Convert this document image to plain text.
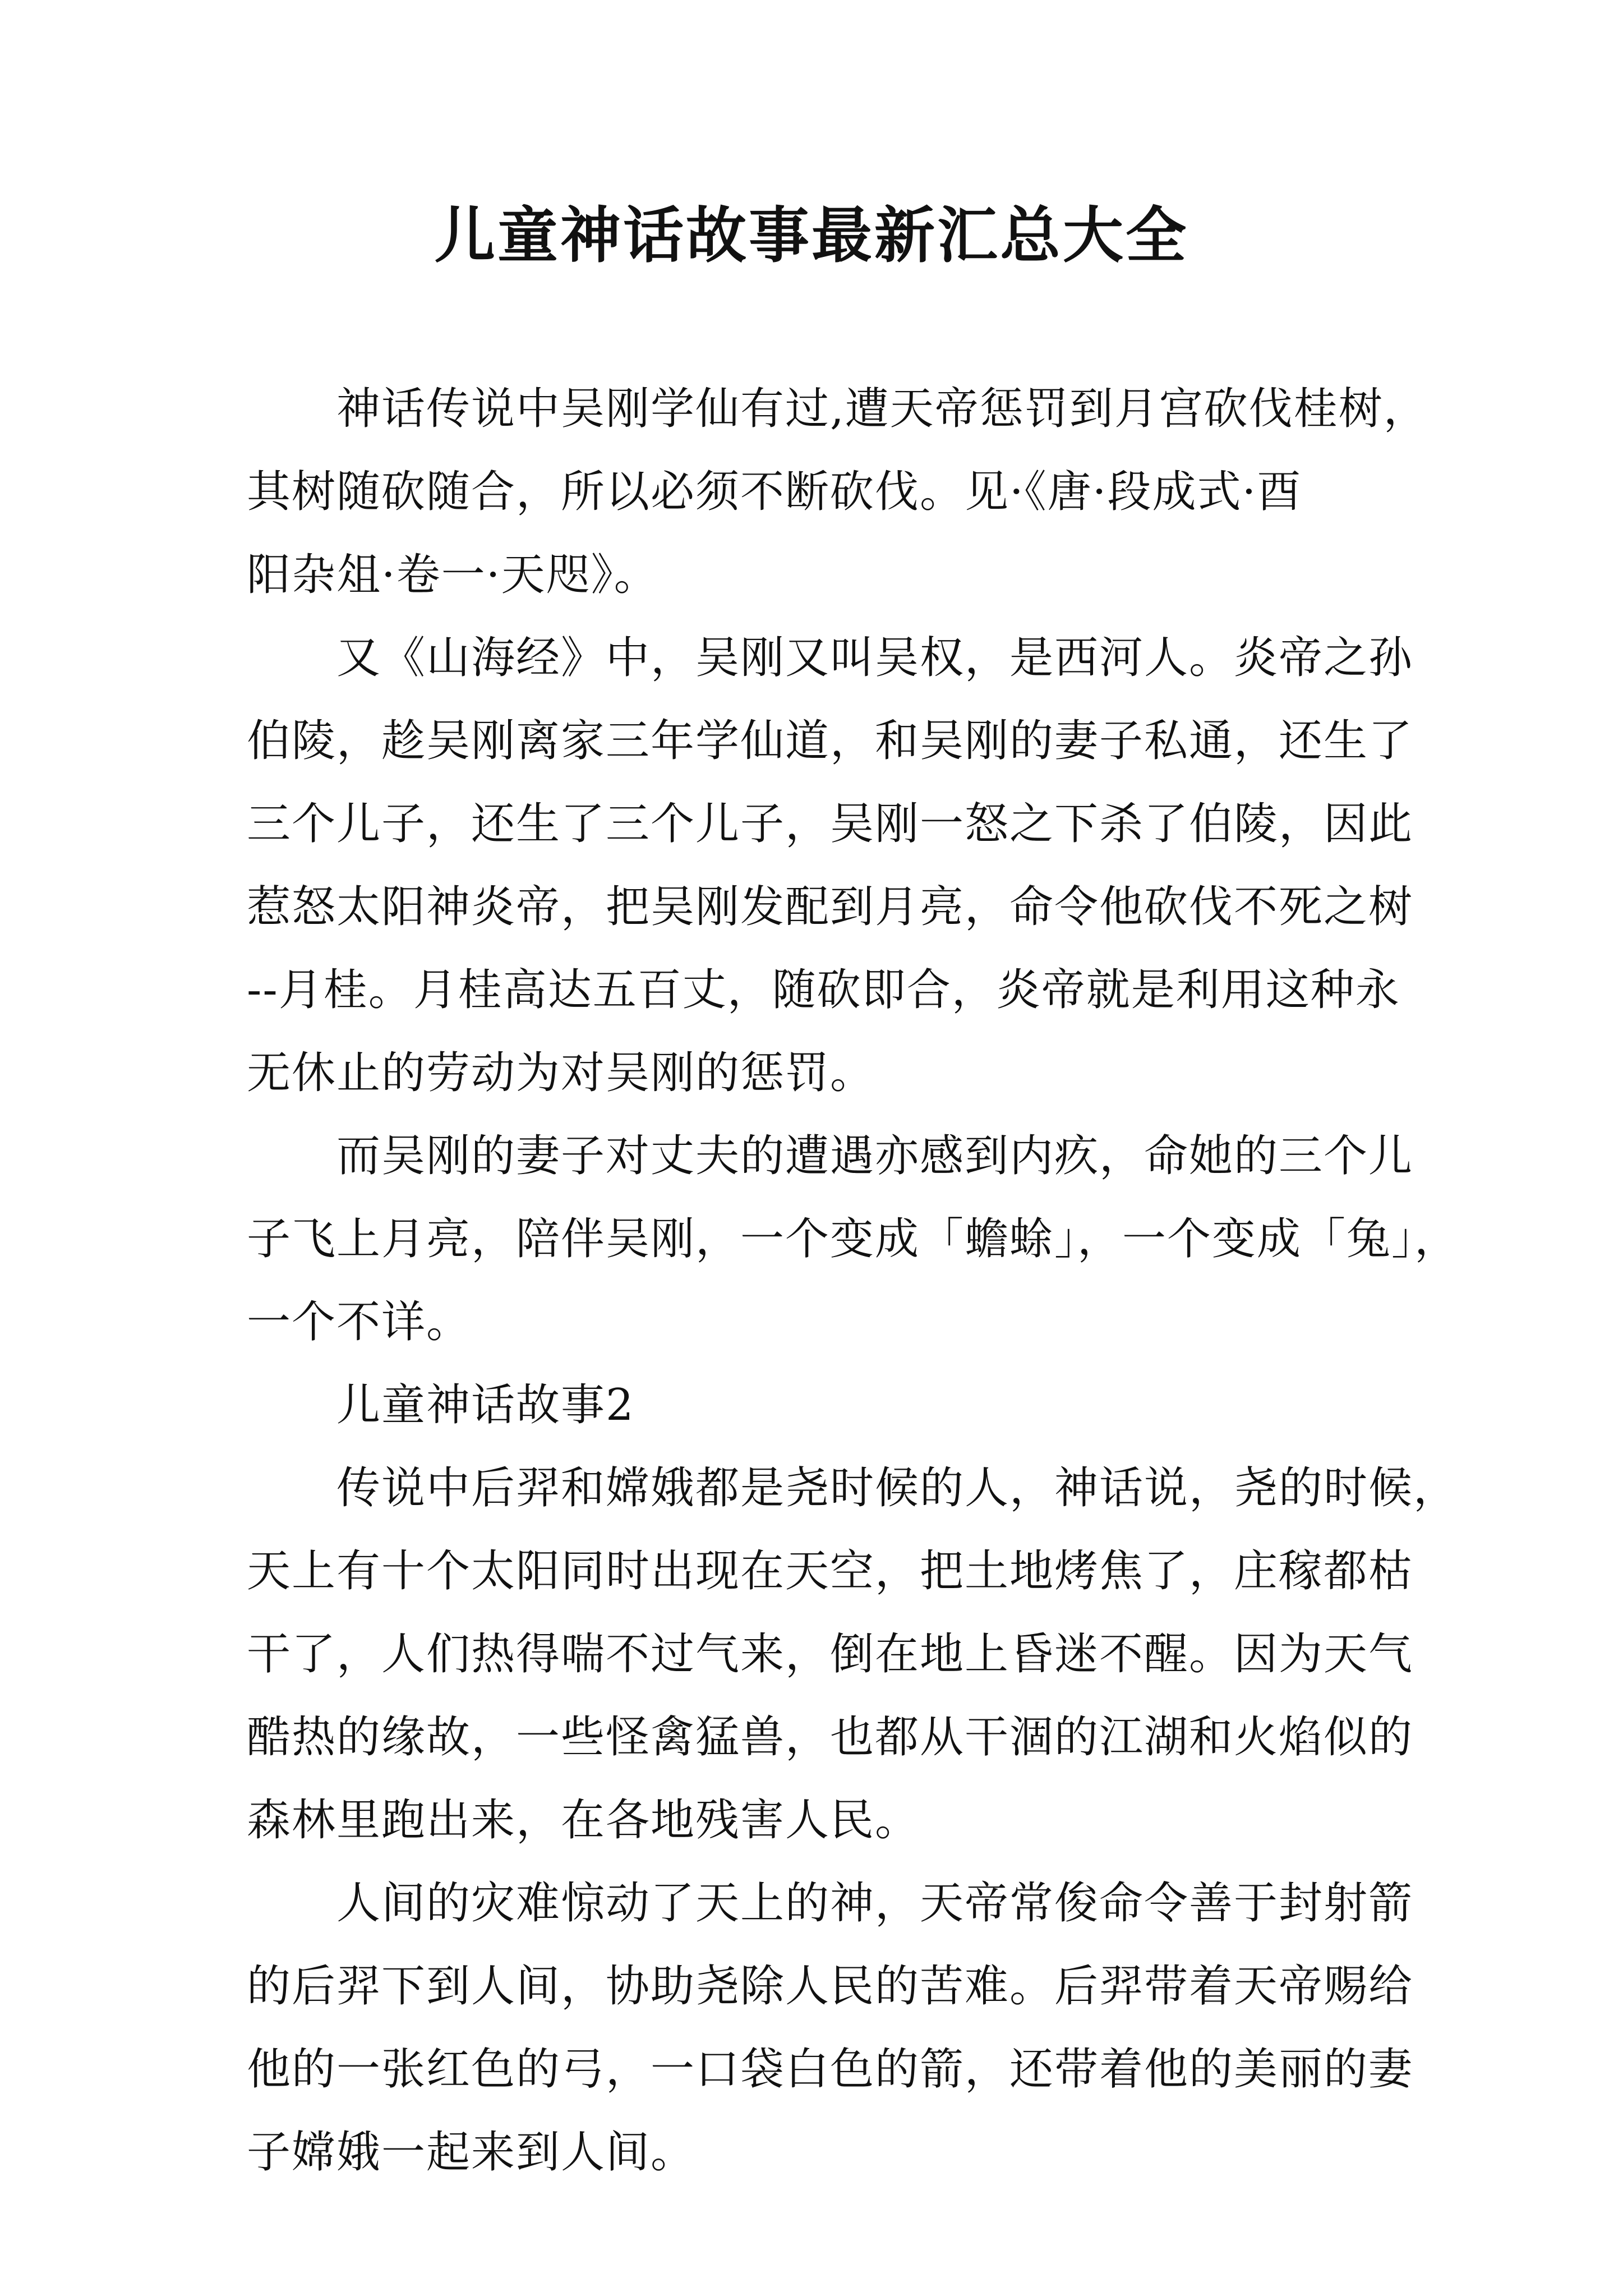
儿童神话故事最新汇总大全
神话传说中吴刚学仙有过,遭天帝惩罚到月宫砍伐桂树，
其树随砍随合，所以必须不断砍伐。见·《唐·段成式·酉
阳杂俎·卷一·天咫》。
又《山海经》中，吴刚又叫吴权，是西河人。炎帝之孙
伯陵，趁吴刚离家三年学仙道，和吴刚的妻子私通，还生了
三个儿子，还生了三个儿子，吴刚一怒之下杀了伯陵，因此
惹怒太阳神炎帝，把吴刚发配到月亮，命令他砍伐不死之树
--月桂。月桂高达五百丈，随砍即合，炎帝就是利用这种永
无休止的劳动为对吴刚的惩罚。
而吴刚的妻子对丈夫的遭遇亦感到内疚，命她的三个儿
子飞上月亮，陪伴吴刚，一个变成「蟾蜍」，一个变成「兔」，
一个不详。
儿童神话故事2
传说中后羿和嫦娥都是尧时候的人，神话说，尧的时候，
天上有十个太阳同时出现在天空，把土地烤焦了，庄稼都枯
干了，人们热得喘不过气来，倒在地上昏迷不醒。因为天气
酷热的缘故，一些怪禽猛兽，也都从干涸的江湖和火焰似的
森林里跑出来，在各地残害人民。
人间的灾难惊动了天上的神，天帝常俊命令善于封射箭
的后羿下到人间，协助尧除人民的苦难。后羿带着天帝赐给
他的一张红色的弓，一口袋白色的箭，还带着他的美丽的妻
子嫦娥一起来到人间。
